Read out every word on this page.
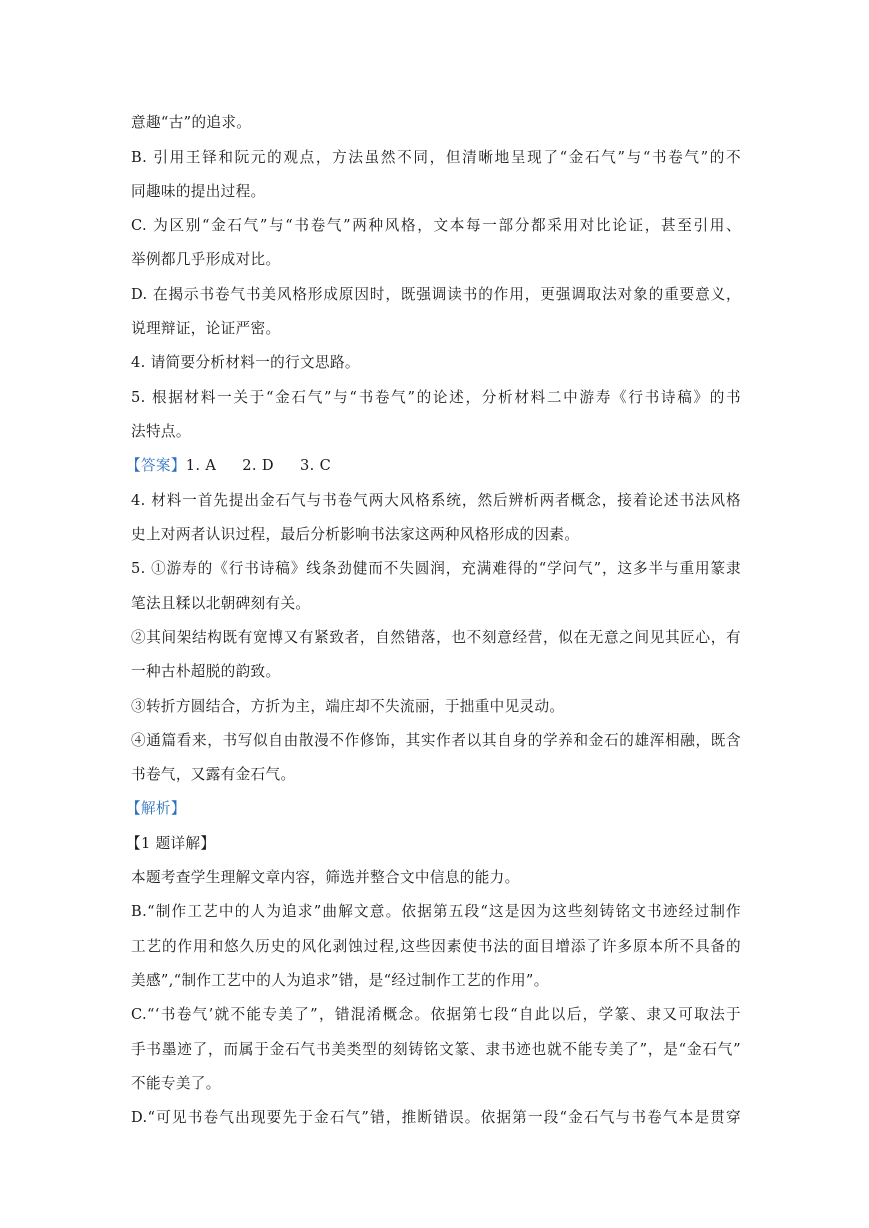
意趣“古”的追求。
B. 引用王铎和阮元的观点，方法虽然不同，但清晰地呈现了“金石气”与“书卷气”的不
同趣味的提出过程。
C. 为区别“金石气”与“书卷气”两种风格，文本每一部分都采用对比论证，甚至引用、
举例都几乎形成对比。
D. 在揭示书卷气书美风格形成原因时，既强调读书的作用，更强调取法对象的重要意义，
说理辩证，论证严密。
4. 请简要分析材料一的行文思路。
5. 根据材料一关于“金石气”与“书卷气”的论述，分析材料二中游寿《行书诗稿》的书
法特点。
【答案】1. A 2. D 3. C
4. 材料一首先提出金石气与书卷气两大风格系统，然后辨析两者概念，接着论述书法风格
史上对两者认识过程，最后分析影响书法家这两种风格形成的因素。
5. ①游寿的《行书诗稿》线条劲健而不失圆润，充满难得的“学问气”，这多半与重用篆隶
笔法且糅以北朝碑刻有关。
②其间架结构既有宽博又有紧致者，自然错落，也不刻意经营，似在无意之间见其匠心，有
一种古朴超脱的韵致。
③转折方圆结合，方折为主，端庄却不失流丽，于拙重中见灵动。
④通篇看来，书写似自由散漫不作修饰，其实作者以其自身的学养和金石的雄浑相融，既含
书卷气，又露有金石气。
【解析】
【1 题详解】
本题考查学生理解文章内容，筛选并整合文中信息的能力。
B.“制作工艺中的人为追求”曲解文意。依据第五段“这是因为这些刻铸铭文书迹经过制作
工艺的作用和悠久历史的风化剥蚀过程,这些因素使书法的面目增添了许多原本所不具备的
美感”,“制作工艺中的人为追求”错，是“经过制作工艺的作用”。
C.“‘书卷气’就不能专美了”，错混淆概念。依据第七段“自此以后，学篆、隶又可取法于
手书墨迹了，而属于金石气书美类型的刻铸铭文篆、隶书迹也就不能专美了”，是“金石气”
不能专美了。
D.“可见书卷气出现要先于金石气”错，推断错误。依据第一段“金石气与书卷气本是贯穿
